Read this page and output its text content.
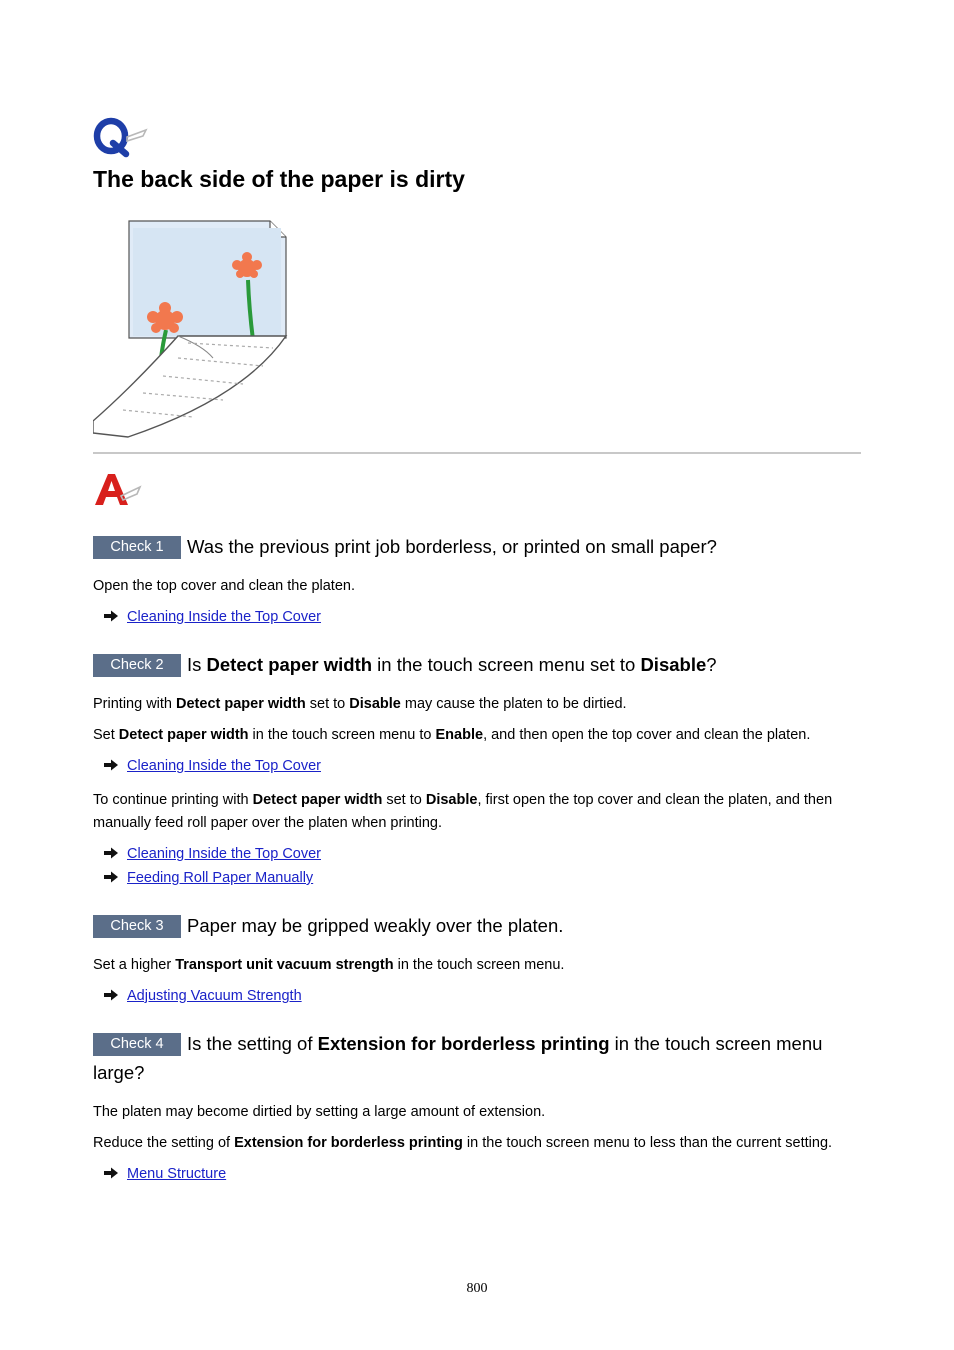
The back side of the paper is dirty
Check 1 Was the previous print job borderless, or printed on small paper?

Open the top cover and clean the platen.

Cleaning Inside the Top Cover
Check 2 Is Detect paper width in the touch screen menu set to Disable?

Printing with Detect paper width set to Disable may cause the platen to be dirtied.

Set Detect paper width in the touch screen menu to Enable, and then open the top cover and clean the platen.

Cleaning Inside the Top Cover

To continue printing with Detect paper width set to Disable, first open the top cover and clean the platen, and then manually feed roll paper over the platen when printing.

Cleaning Inside the Top Cover
Feeding Roll Paper Manually
Check 3 Paper may be gripped weakly over the platen.

Set a higher Transport unit vacuum strength in the touch screen menu.

Adjusting Vacuum Strength
Check 4 Is the setting of Extension for borderless printing in the touch screen menu large?

The platen may become dirtied by setting a large amount of extension.

Reduce the setting of Extension for borderless printing in the touch screen menu to less than the current setting.

Menu Structure
800
